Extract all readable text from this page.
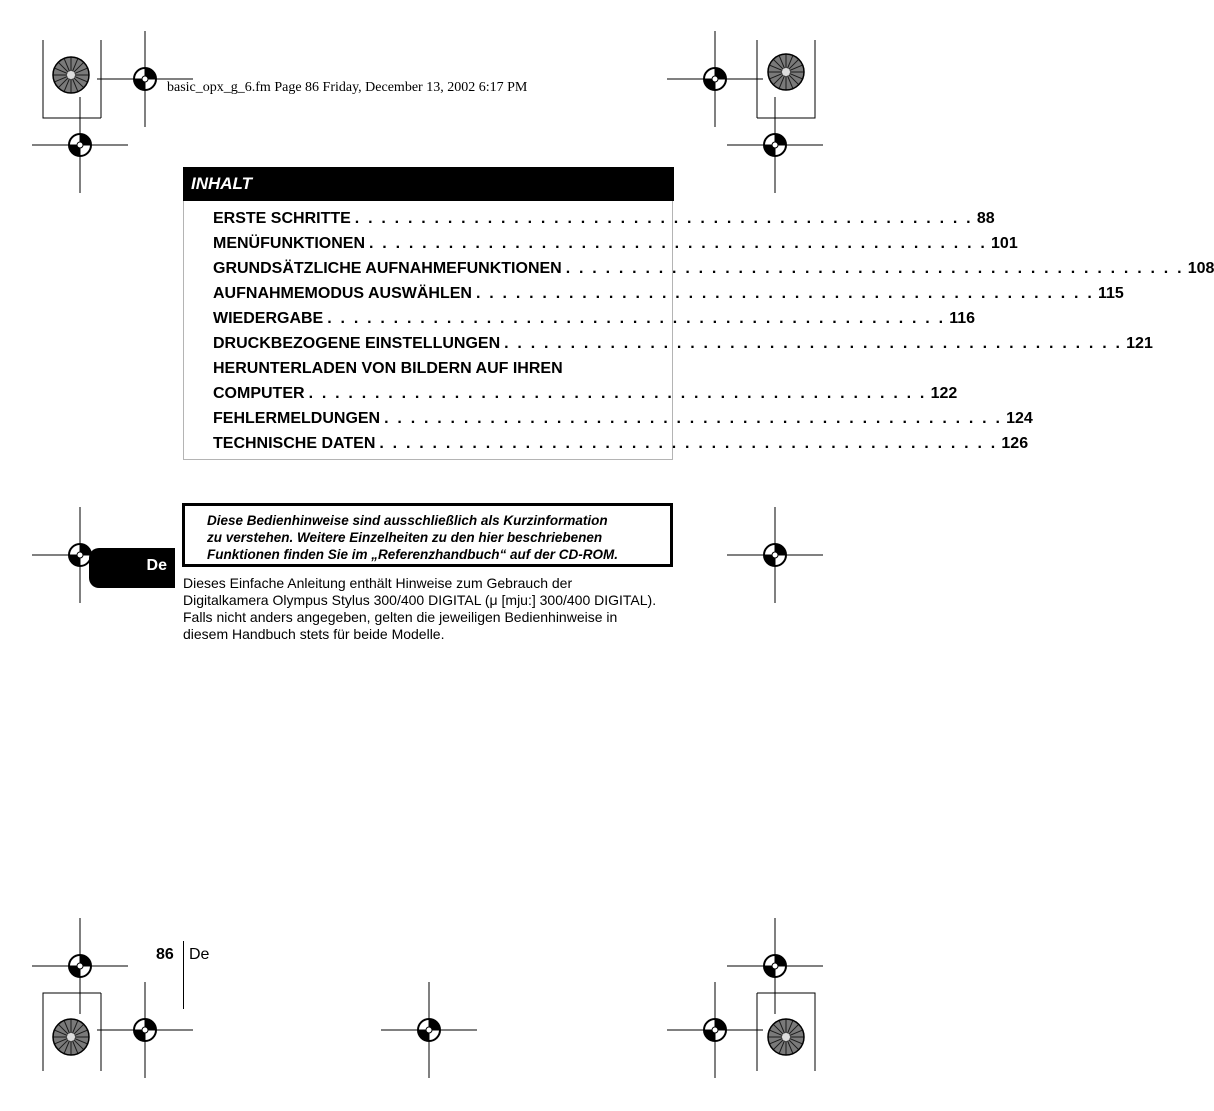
basic_opx_g_6.fm Page 86 Friday, December 13, 2002 6:17 PM
INHALT
ERSTE SCHRITTE . . . . . . . . . . . . . . . . . . . . . . . . . . . . . . . . . . . . . . . . . . . . . . . 88
MENÜFUNKTIONEN . . . . . . . . . . . . . . . . . . . . . . . . . . . . . . . . . . . . . . . . . . . . . . . 101
GRUNDSÄTZLICHE AUFNAHMEFUNKTIONEN . . . . . . . . . . . . . . . . . . . . . . . . . . . . . . . . . . . . . . . . . . . . . . . 108
AUFNAHMEMODUS AUSWÄHLEN . . . . . . . . . . . . . . . . . . . . . . . . . . . . . . . . . . . . . . . . . . . . . . . 115
WIEDERGABE . . . . . . . . . . . . . . . . . . . . . . . . . . . . . . . . . . . . . . . . . . . . . . . 116
DRUCKBEZOGENE EINSTELLUNGEN . . . . . . . . . . . . . . . . . . . . . . . . . . . . . . . . . . . . . . . . . . . . . . . 121
HERUNTERLADEN VON BILDERN AUF IHREN
COMPUTER . . . . . . . . . . . . . . . . . . . . . . . . . . . . . . . . . . . . . . . . . . . . . . . 122
FEHLERMELDUNGEN . . . . . . . . . . . . . . . . . . . . . . . . . . . . . . . . . . . . . . . . . . . . . . . 124
TECHNISCHE DATEN . . . . . . . . . . . . . . . . . . . . . . . . . . . . . . . . . . . . . . . . . . . . . . . 126
De
Diese Bedienhinweise sind ausschließlich als Kurzinformation
zu verstehen. Weitere Einzelheiten zu den hier beschriebenen
Funktionen finden Sie im „Referenzhandbuch“ auf der CD-ROM.
Dieses Einfache Anleitung enthält Hinweise zum Gebrauch der
Digitalkamera Olympus Stylus 300/400 DIGITAL (μ [mju:] 300/400 DIGITAL).
Falls nicht anders angegeben, gelten die jeweiligen Bedienhinweise in
diesem Handbuch stets für beide Modelle.
86 De
